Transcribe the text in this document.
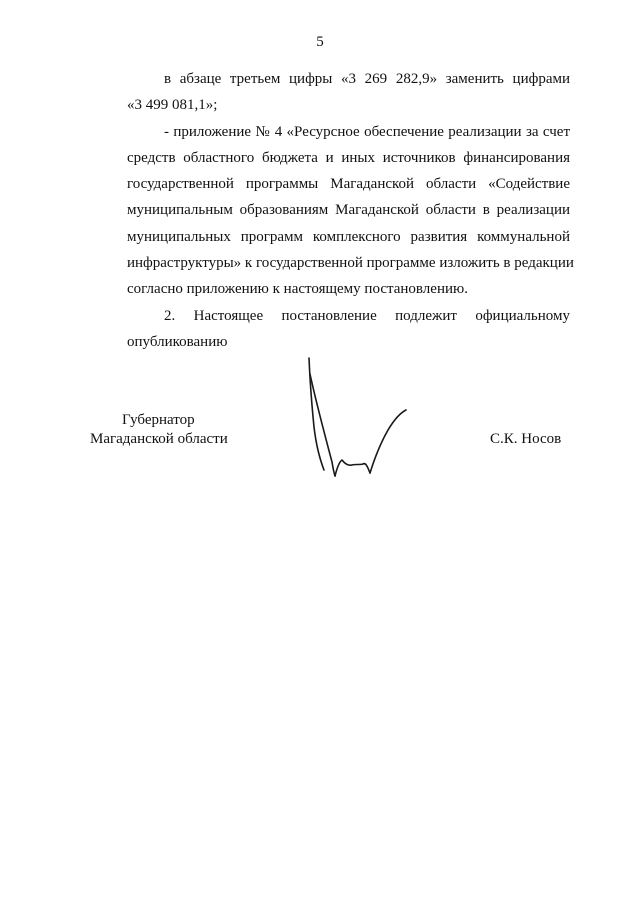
5

в абзаце третьем цифры «3 269 282,9» заменить цифрами
«3 499 081,1»;

- приложение № 4 «Ресурсное обеспечение реализации за счет
средств областного бюджета и иных источников финансирования
государственной программы Магаданской области «Содействие
муниципальным образованиям Магаданской области в реализации
муниципальных программ комплексного развития коммунальной
инфраструктуры» к государственной программе изложить в редакции
согласно приложению к настоящему постановлению.

2. Настоящее постановление подлежит официальному
опубликованию

Губернатор
Магаданской области	С.К. Носов
